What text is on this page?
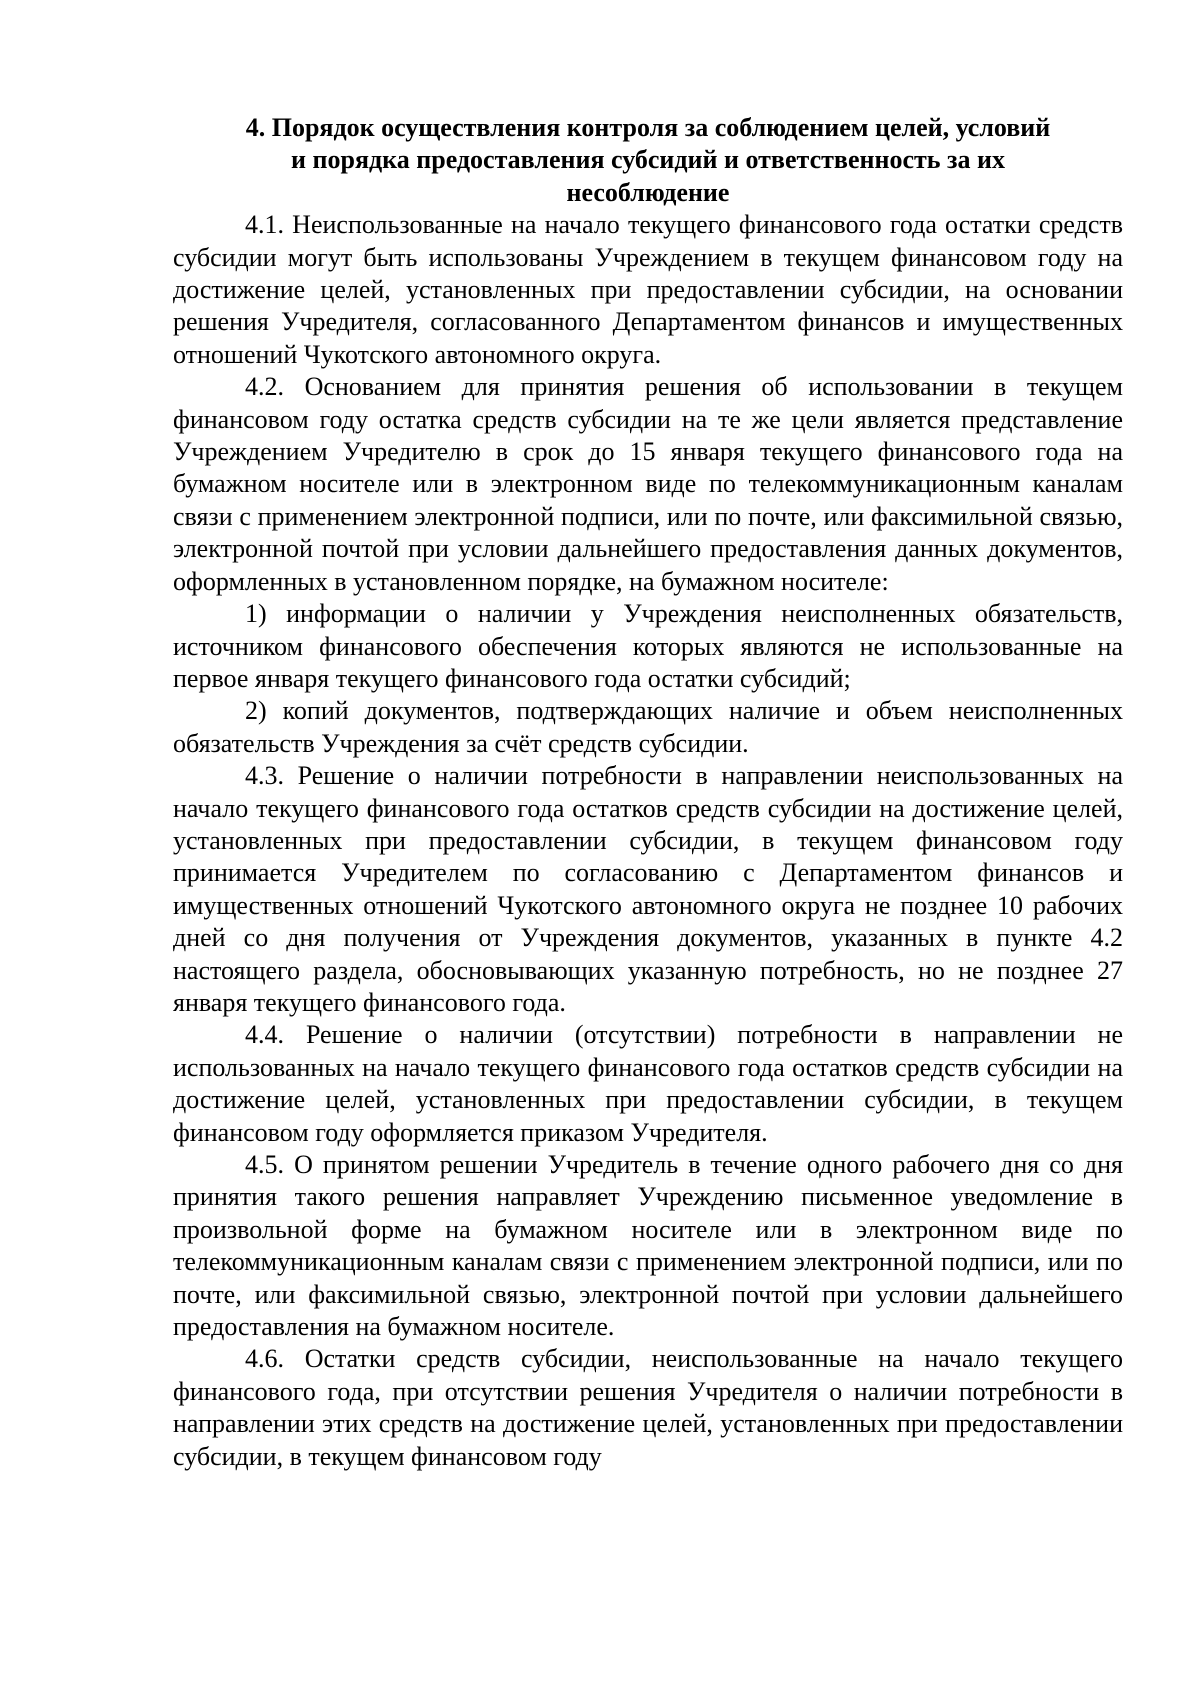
4. Порядок осуществления контроля за соблюдением целей, условий
и порядка предоставления субсидий и ответственность за их
несоблюдение

4.1. Неиспользованные на начало текущего финансового года остатки средств субсидии могут быть использованы Учреждением в текущем финансовом году на достижение целей, установленных при предоставлении субсидии, на основании решения Учредителя, согласованного Департаментом финансов и имущественных отношений Чукотского автономного округа.

4.2. Основанием для принятия решения об использовании в текущем финансовом году остатка средств субсидии на те же цели является представление Учреждением Учредителю в срок до 15 января текущего финансового года на бумажном носителе или в электронном виде по телекоммуникационным каналам связи с применением электронной подписи, или по почте, или факсимильной связью, электронной почтой при условии дальнейшего предоставления данных документов, оформленных в установленном порядке, на бумажном носителе:

1) информации о наличии у Учреждения неисполненных обязательств, источником финансового обеспечения которых являются не использованные на первое января текущего финансового года остатки субсидий;

2) копий документов, подтверждающих наличие и объем неисполненных обязательств Учреждения за счёт средств субсидии.

4.3. Решение о наличии потребности в направлении неиспользованных на начало текущего финансового года остатков средств субсидии на достижение целей, установленных при предоставлении субсидии, в текущем финансовом году принимается Учредителем по согласованию с Департаментом финансов и имущественных отношений Чукотского автономного округа не позднее 10 рабочих дней со дня получения от Учреждения документов, указанных в пункте 4.2 настоящего раздела, обосновывающих указанную потребность, но не позднее 27 января текущего финансового года.

4.4. Решение о наличии (отсутствии) потребности в направлении не использованных на начало текущего финансового года остатков средств субсидии на достижение целей, установленных при предоставлении субсидии, в текущем финансовом году оформляется приказом Учредителя.

4.5. О принятом решении Учредитель в течение одного рабочего дня со дня принятия такого решения направляет Учреждению письменное уведомление в произвольной форме на бумажном носителе или в электронном виде по телекоммуникационным каналам связи с применением электронной подписи, или по почте, или факсимильной связью, электронной почтой при условии дальнейшего предоставления на бумажном носителе.

4.6. Остатки средств субсидии, неиспользованные на начало текущего финансового года, при отсутствии решения Учредителя о наличии потребности в направлении этих средств на достижение целей, установленных при предоставлении субсидии, в текущем финансовом году
